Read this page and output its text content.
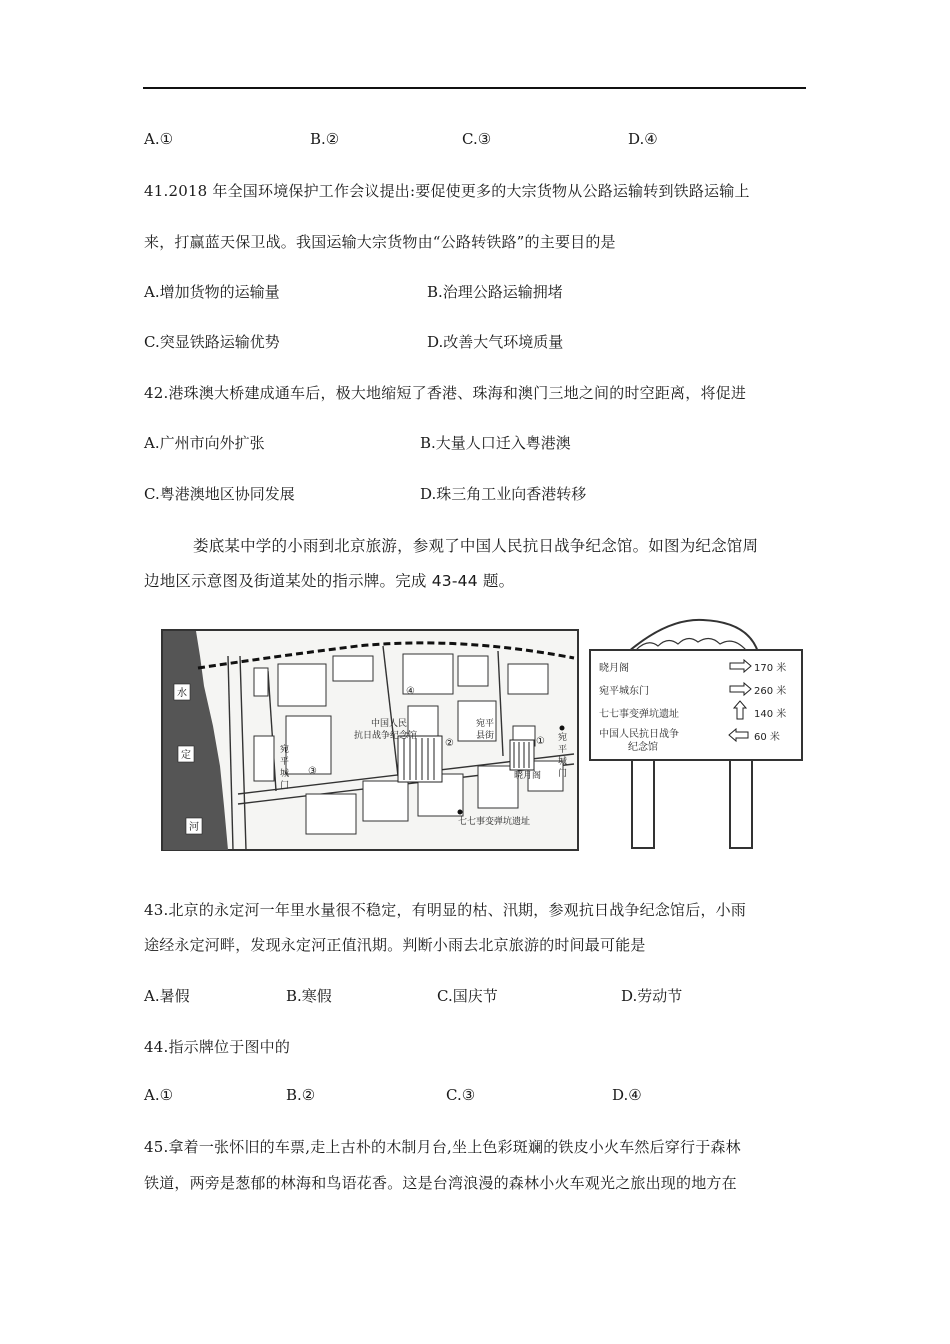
A.①	B.②	C.③	D.④
41.2018 年全国环境保护工作会议提出:要促使更多的大宗货物从公路运输转到铁路运输上
来，打赢蓝天保卫战。我国运输大宗货物由“公路转铁路”的主要目的是
A.增加货物的运输量	B.治理公路运输拥堵
C.突显铁路运输优势	D.改善大气环境质量
42.港珠澳大桥建成通车后，极大地缩短了香港、珠海和澳门三地之间的时空距离，将促进
A.广州市向外扩张	B.大量人口迁入粤港澳
C.粤港澳地区协同发展	D.珠三角工业向香港转移
娄底某中学的小雨到北京旅游，参观了中国人民抗日战争纪念馆。如图为纪念馆周
边地区示意图及街道某处的指示牌。完成 43-44 题。
水
定
河
中国人民
抗日战争纪念馆
宛平
县街
晓月阁
七七事变弹坑遗址
宛
平
城
门
宛
平
城
门
①
②
③
④
晓月阁	170 米
宛平城东门	260 米
七七事变弹坑遗址	140 米
中国人民抗日战争
纪念馆
60 米
43.北京的永定河一年里水量很不稳定，有明显的枯、汛期，参观抗日战争纪念馆后，小雨
途经永定河畔，发现永定河正值汛期。判断小雨去北京旅游的时间最可能是
A.暑假	B.寒假	C.国庆节	D.劳动节
44.指示牌位于图中的
A.①	B.②	C.③	D.④
45.拿着一张怀旧的车票,走上古朴的木制月台,坐上色彩斑斓的铁皮小火车然后穿行于森林
铁道，两旁是葱郁的林海和鸟语花香。这是台湾浪漫的森林小火车观光之旅出现的地方在
